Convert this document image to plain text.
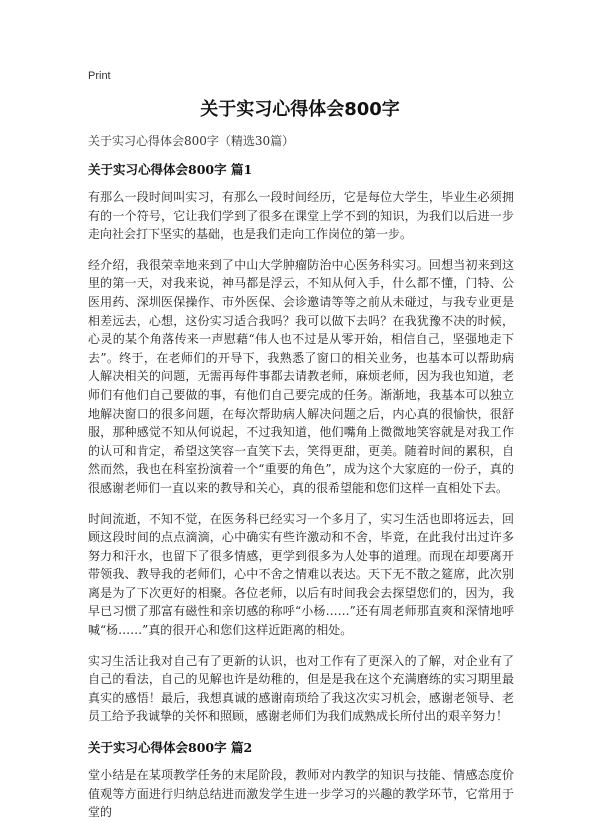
Print
关于实习心得体会800字
关于实习心得体会800字（精选30篇）
关于实习心得体会800字 篇1

有那么一段时间叫实习，有那么一段时间经历，它是每位大学生，毕业生必须拥有的一个符号，它让我们学到了很多在课堂上学不到的知识，为我们以后进一步走向社会打下坚实的基础，也是我们走向工作岗位的第一步。

经介绍，我很荣幸地来到了中山大学肿瘤防治中心医务科实习。回想当初来到这里的第一天，对我来说，神马都是浮云，不知从何入手，什么都不懂，门特、公医用药、深圳医保操作、市外医保、会诊邀请等等之前从未碰过，与我专业更是相差远去，心想，这份实习适合我吗？我可以做下去吗？在我犹豫不决的时候，心灵的某个角落传来一声慰藉“伟人也不过是从零开始，相信自己，坚强地走下去”。终于，在老师们的开导下，我熟悉了窗口的相关业务，也基本可以帮助病人解决相关的问题，无需再每件事都去请教老师，麻烦老师，因为我也知道，老师们有他们自己要做的事，有他们自己要完成的任务。渐渐地，我基本可以独立地解决窗口的很多问题，在每次帮助病人解决问题之后，内心真的很愉快，很舒服，那种感觉不知从何说起，不过我知道，他们嘴角上微微地笑容就是对我工作的认可和肯定，希望这笑容一直笑下去，笑得更甜，更美。随着时间的累积，自然而然，我也在科室扮演着一个“重要的角色”，成为这个大家庭的一份子，真的很感谢老师们一直以来的教导和关心，真的很希望能和您们这样一直相处下去。

时间流逝，不知不觉，在医务科已经实习一个多月了，实习生活也即将远去，回顾这段时间的点点滴滴，心中确实有些许激动和不舍，毕竟，在此我付出过许多努力和汗水，也留下了很多情感，更学到很多为人处事的道理。而现在却要离开带领我、教导我的老师们，心中不舍之情难以表达。天下无不散之筵席，此次别离是为了下次更好的相聚。各位老师，以后有时间我会去探望您们的，因为，我早已习惯了那富有磁性和亲切感的称呼“小杨……”还有周老师那直爽和深情地呼喊“杨……”真的很开心和您们这样近距离的相处。

实习生活让我对自己有了更新的认识，也对工作有了更深入的了解，对企业有了自己的看法，自己的见解也许是幼稚的，但是是我在这个充满磨练的实习期里最真实的感悟！最后，我想真诚的感谢南琐给了我这次实习机会，感谢老领导、老员工给予我诚挚的关怀和照顾，感谢老师们为我们成熟成长所付出的艰辛努力！

关于实习心得体会800字 篇2

堂小结是在某项教学任务的末尾阶段，教师对内教学的知识与技能、情感态度价值观等方面进行归纳总结进而激发学生进一步学习的兴趣的教学环节，它常用于堂的
